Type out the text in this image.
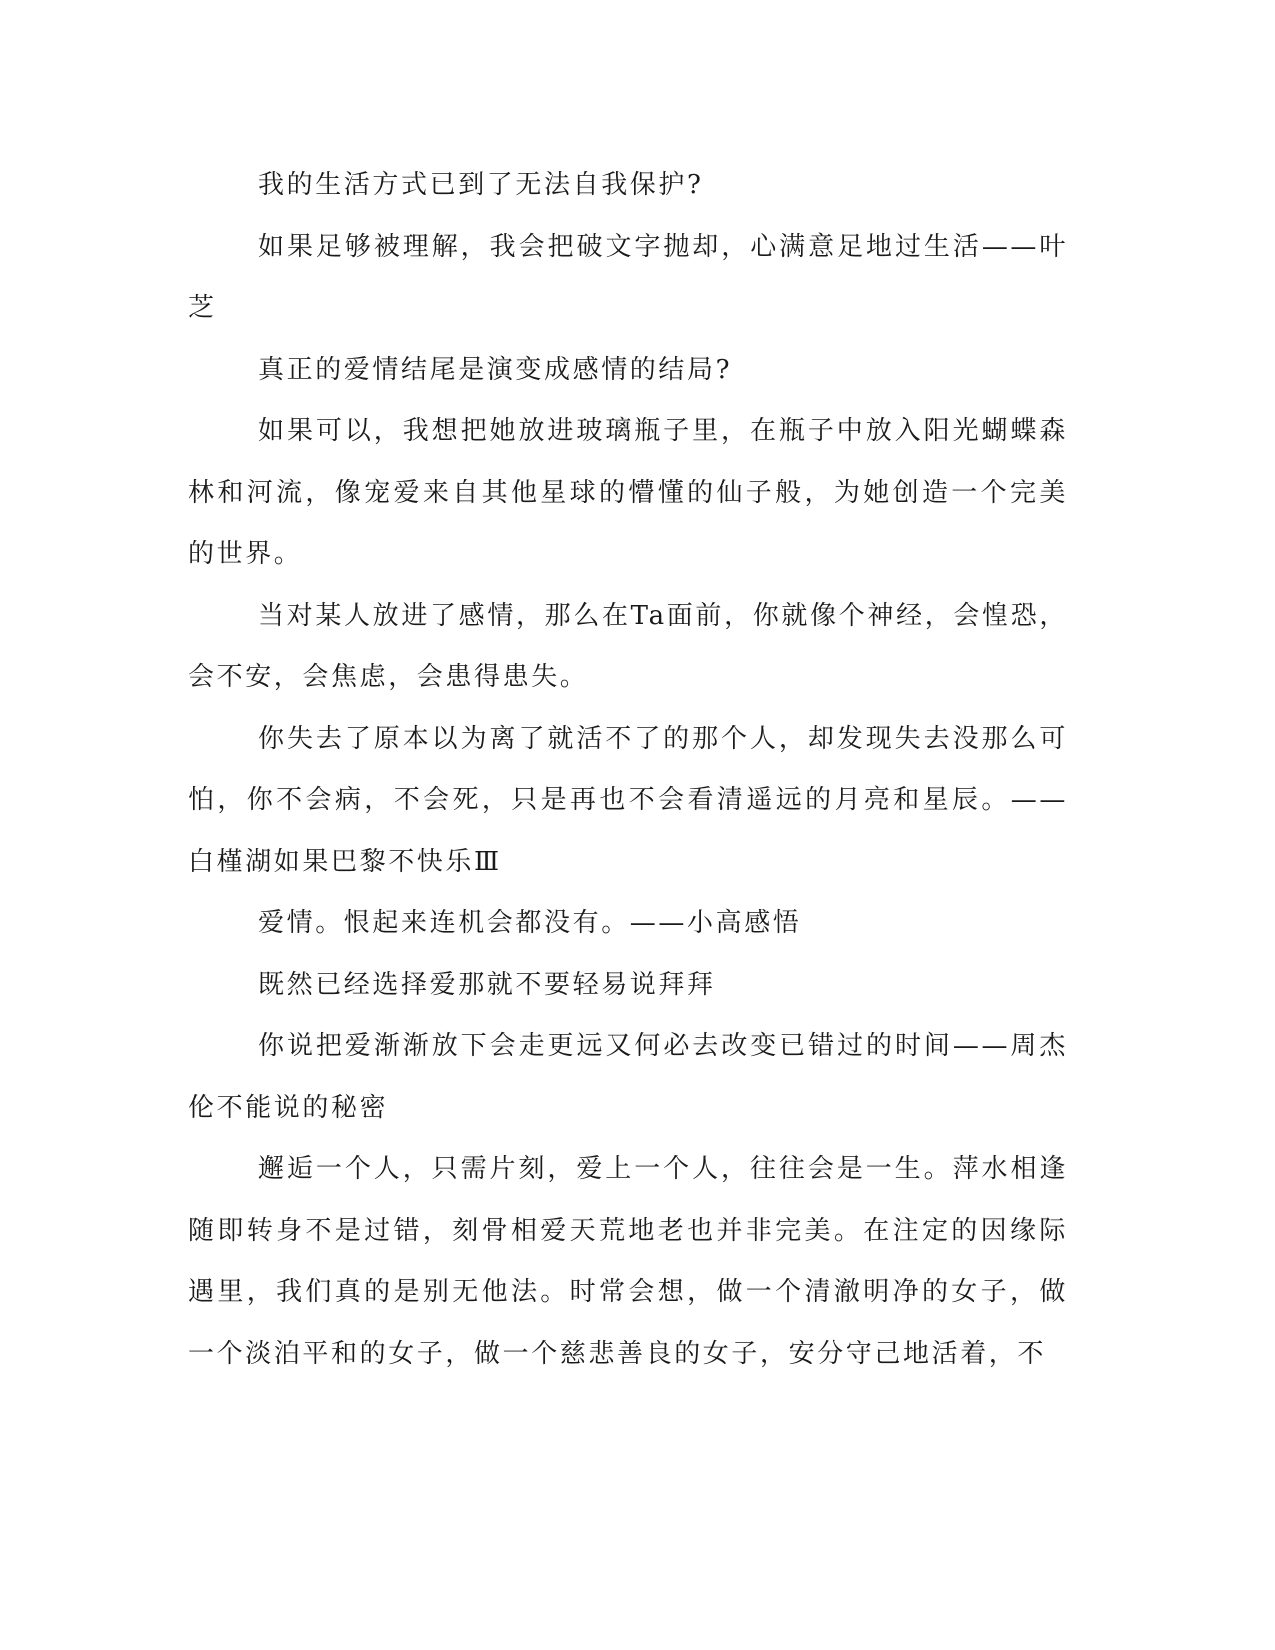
我的生活方式已到了无法自我保护?

如果足够被理解，我会把破文字抛却，心满意足地过生活——叶芝

真正的爱情结尾是演变成感情的结局?

如果可以，我想把她放进玻璃瓶子里，在瓶子中放入阳光蝴蝶森林和河流，像宠爱来自其他星球的懵懂的仙子般，为她创造一个完美的世界。

当对某人放进了感情，那么在Ta面前，你就像个神经，会惶恐，会不安，会焦虑，会患得患失。

你失去了原本以为离了就活不了的那个人，却发现失去没那么可怕，你不会病，不会死，只是再也不会看清遥远的月亮和星辰。——白槿湖如果巴黎不快乐Ⅲ

爱情。恨起来连机会都没有。——小高感悟

既然已经选择爱那就不要轻易说拜拜

你说把爱渐渐放下会走更远又何必去改变已错过的时间——周杰伦不能说的秘密

邂逅一个人，只需片刻，爱上一个人，往往会是一生。萍水相逢随即转身不是过错，刻骨相爱天荒地老也并非完美。在注定的因缘际遇里，我们真的是别无他法。时常会想，做一个清澈明净的女子，做一个淡泊平和的女子，做一个慈悲善良的女子，安分守己地活着，不
